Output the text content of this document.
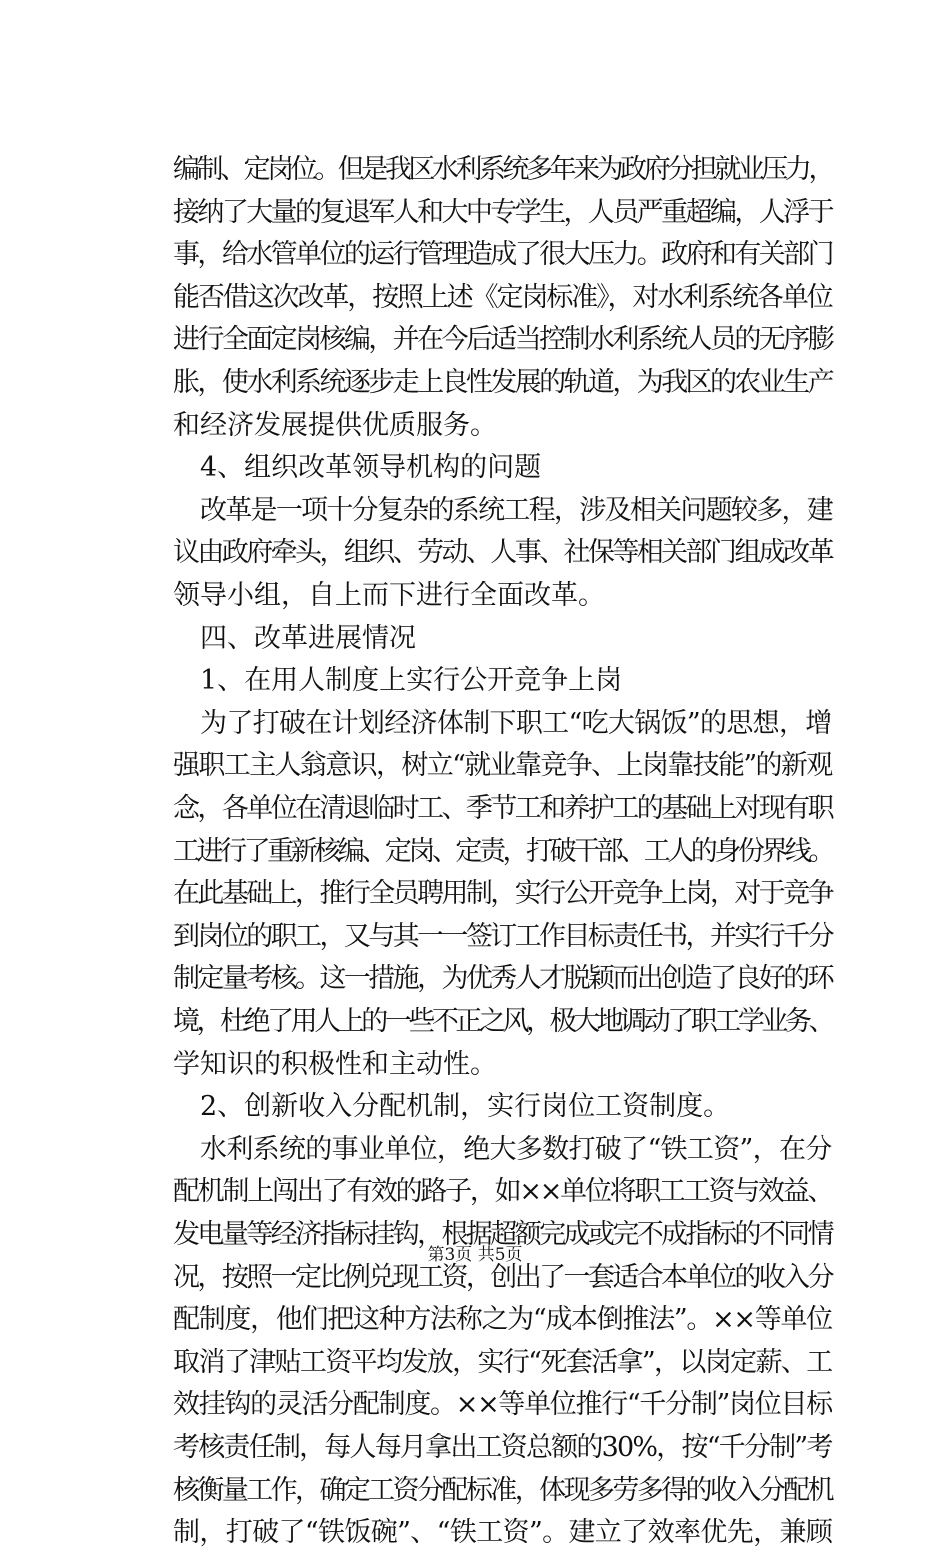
编制、定岗位。但是我区水利系统多年来为政府分担就业压力，
接纳了大量的复退军人和大中专学生，人员严重超编，人浮于
事，给水管单位的运行管理造成了很大压力。政府和有关部门
能否借这次改革，按照上述《定岗标准》，对水利系统各单位
进行全面定岗核编，并在今后适当控制水利系统人员的无序膨
胀，使水利系统逐步走上良性发展的轨道，为我区的农业生产
和经济发展提供优质服务。
4、组织改革领导机构的问题
改革是一项十分复杂的系统工程，涉及相关问题较多，建
议由政府牵头，组织、劳动、人事、社保等相关部门组成改革
领导小组，自上而下进行全面改革。
四、改革进展情况
1、在用人制度上实行公开竞争上岗
为了打破在计划经济体制下职工“吃大锅饭”的思想，增
强职工主人翁意识，树立“就业靠竞争、上岗靠技能”的新观
念，各单位在清退临时工、季节工和养护工的基础上对现有职
工进行了重新核编、定岗、定责，打破干部、工人的身份界线。
在此基础上，推行全员聘用制，实行公开竞争上岗，对于竞争
到岗位的职工，又与其一一签订工作目标责任书，并实行千分
制定量考核。这一措施，为优秀人才脱颖而出创造了良好的环
境，杜绝了用人上的一些不正之风，极大地调动了职工学业务、
学知识的积极性和主动性。
2、创新收入分配机制，实行岗位工资制度。
水利系统的事业单位，绝大多数打破了“铁工资”，在分
配机制上闯出了有效的路子，如××单位将职工工资与效益、
发电量等经济指标挂钩，根据超额完成或完不成指标的不同情
况，按照一定比例兑现工资，创出了一套适合本单位的收入分
配制度，他们把这种方法称之为“成本倒推法”。××等单位
取消了津贴工资平均发放，实行“死套活拿”，以岗定薪、工
效挂钩的灵活分配制度。××等单位推行“千分制”岗位目标
考核责任制，每人每月拿出工资总额的30%，按“千分制”考
核衡量工作，确定工资分配标准，体现多劳多得的收入分配机
制，打破了“铁饭碗”、“铁工资”。建立了效率优先，兼顾
第3页 共5页
